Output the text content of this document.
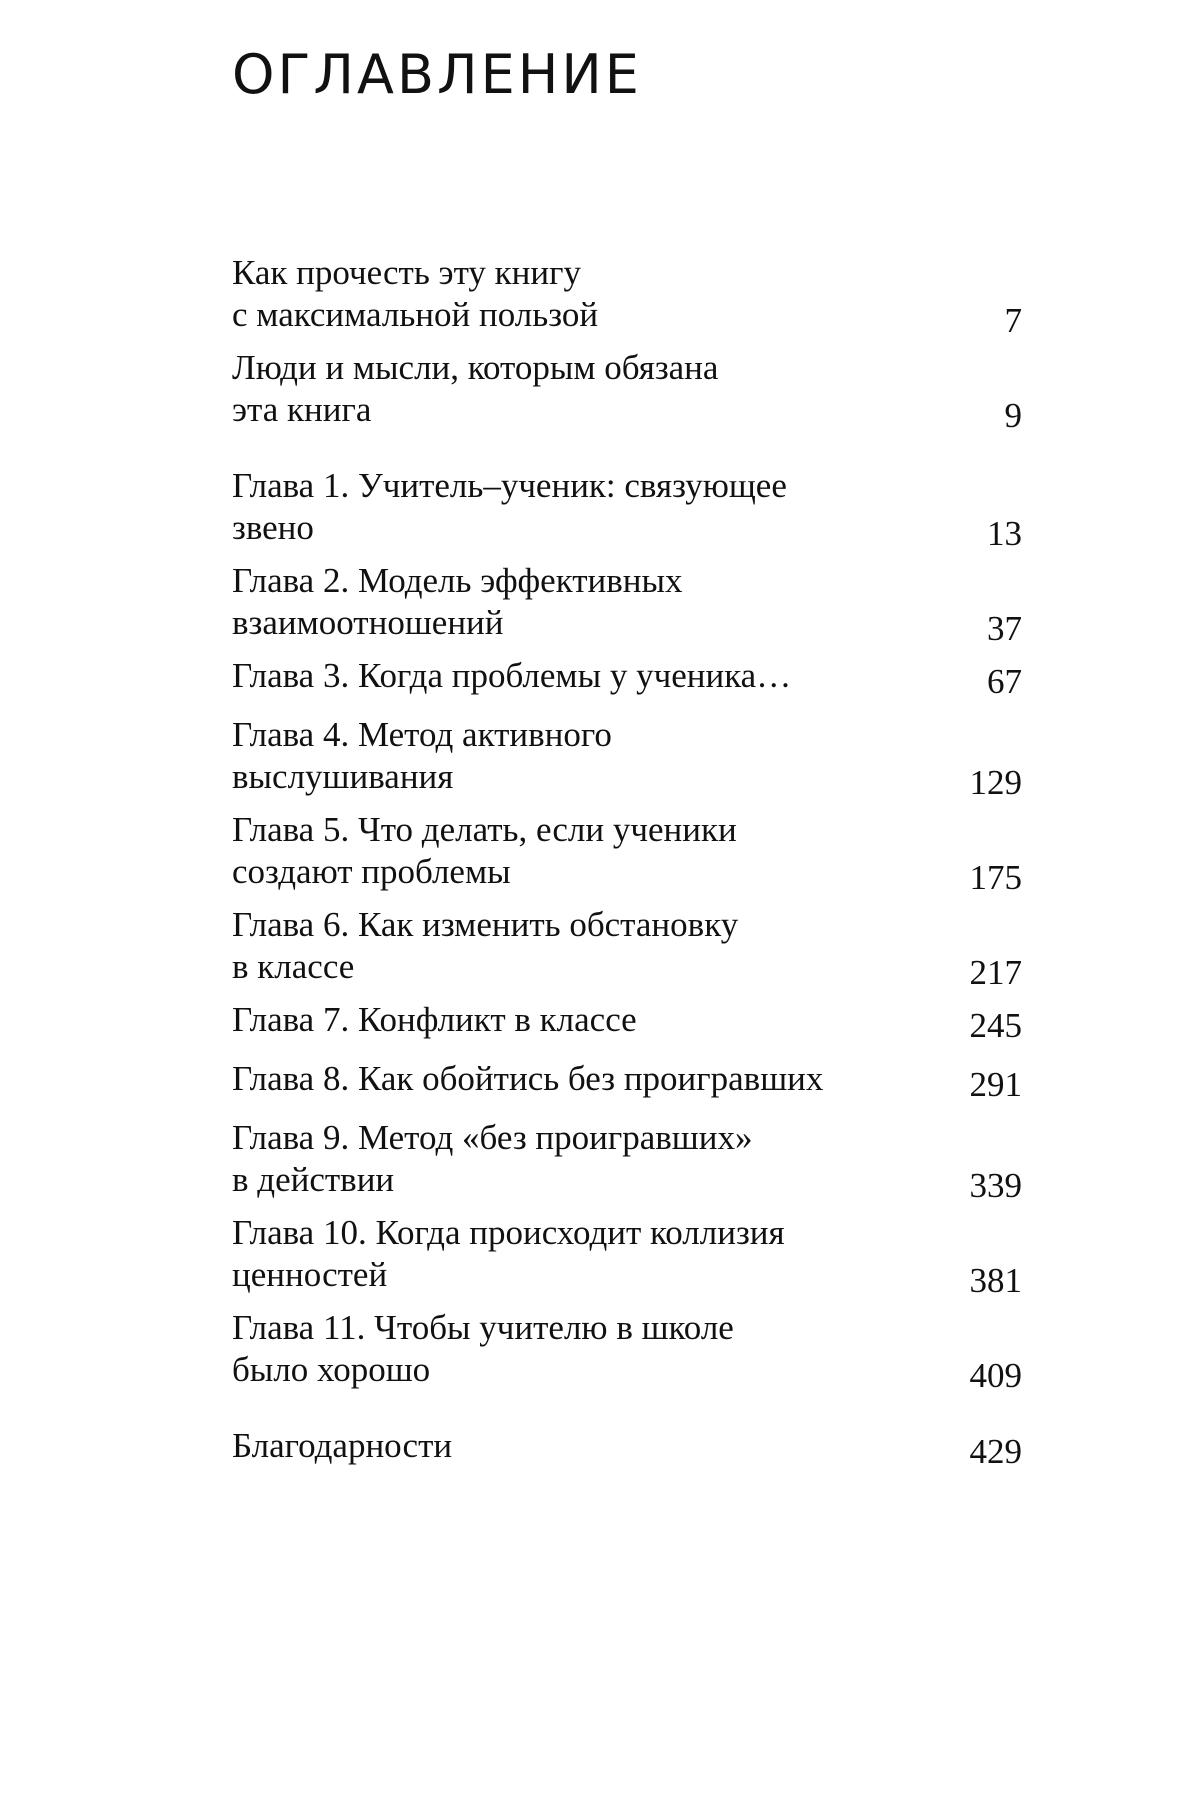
ОГЛАВЛЕНИЕ
Как прочесть эту книгу
с максимальной пользой	7
Люди и мысли, которым обязана
эта книга	9
Глава 1. Учитель–ученик: связующее
звено	13
Глава 2. Модель эффективных
взаимоотношений	37
Глава 3. Когда проблемы у ученика…	67
Глава 4. Метод активного
выслушивания	129
Глава 5. Что делать, если ученики
создают проблемы	175
Глава 6. Как изменить обстановку
в классе	217
Глава 7. Конфликт в классе	245
Глава 8. Как обойтись без проигравших	291
Глава 9. Метод «без проигравших»
в действии	339
Глава 10. Когда происходит коллизия
ценностей	381
Глава 11. Чтобы учителю в школе
было хорошо	409
Благодарности	429
